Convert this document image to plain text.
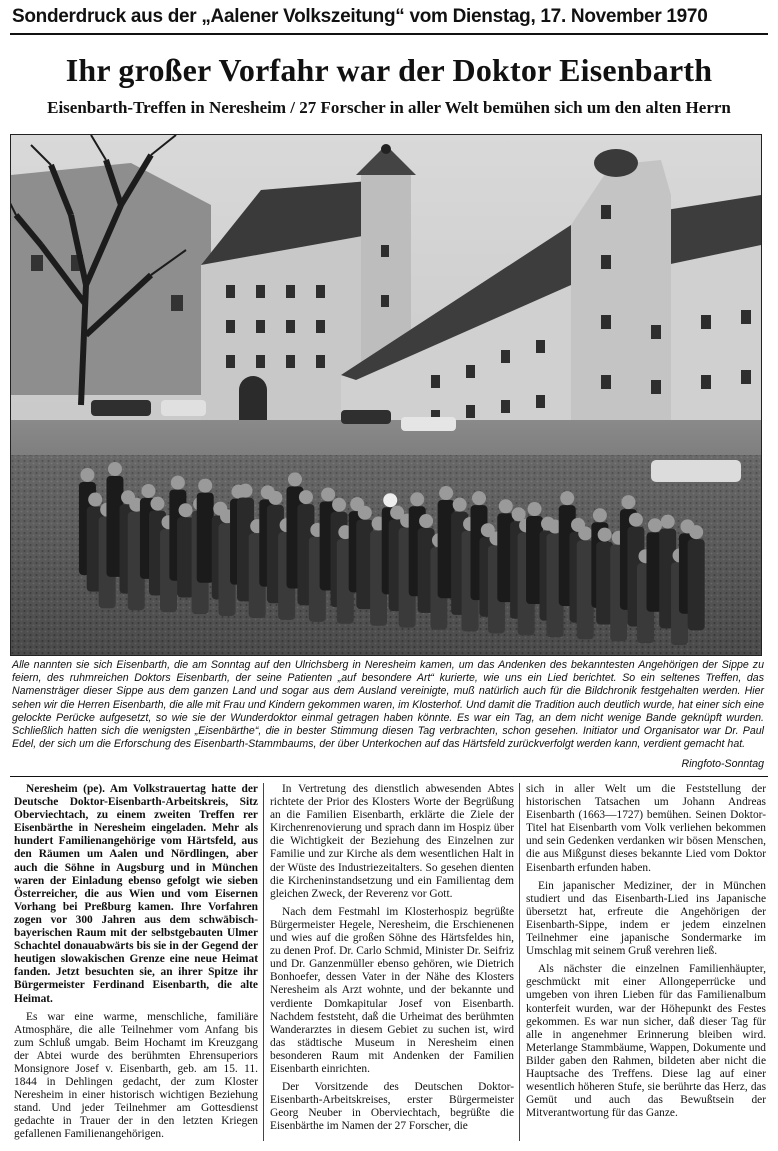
Sonderdruck aus der „Aalener Volkszeitung“ vom Dienstag, 17. November 1970
Ihr großer Vorfahr war der Doktor Eisenbarth
Eisenbarth-Treffen in Neresheim / 27 Forscher in aller Welt bemühen sich um den alten Herrn
Alle nannten sie sich Eisenbarth, die am Sonntag auf den Ulrichsberg in Neresheim kamen, um das Andenken des bekanntesten Angehörigen der Sippe zu feiern, des ruhmreichen Doktors Eisenbarth, der seine Patienten „auf besondere Art“ kurierte, wie uns ein Lied berichtet. So ein seltenes Treffen, das Namensträger dieser Sippe aus dem ganzen Land und sogar aus dem Ausland vereinigte, muß natürlich auch für die Bildchronik festgehalten werden. Hier sehen wir die Herren Eisenbarth, die alle mit Frau und Kindern gekommen waren, im Klosterhof. Und damit die Tradition auch deutlich wurde, hat einer sich eine gelockte Perücke aufgesetzt, so wie sie der Wunderdoktor einmal getragen haben könnte. Es war ein Tag, an dem nicht wenige Bande geknüpft wurden. Schließlich hatten sich die wenigsten „Eisenbärthe“, die in bester Stimmung diesen Tag verbrachten, schon gesehen. Initiator und Organisator war Dr. Paul Edel, der sich um die Erforschung des Eisenbarth-Stammbaums, der über Unterkochen auf das Härtsfeld zurückverfolgt werden kann, verdient gemacht hat.
Ringfoto-Sonntag

Neresheim (pe). Am Volkstrauertag hatte der Deutsche Doktor-Eisenbarth-Arbeitskreis, Sitz Oberviechtach, zu einem zweiten Treffen rer Eisenbärthe in Neresheim eingeladen. Mehr als hundert Familienangehörige vom Härtsfeld, aus den Räumen um Aalen und Nördlingen, aber auch die Söhne in Augsburg und in München waren der Einladung ebenso gefolgt wie sieben Österreicher, die aus Wien und vom Eisernen Vorhang bei Preßburg kamen. Ihre Vorfahren zogen vor 300 Jahren aus dem schwäbisch-bayerischen Raum mit der selbstgebauten Ulmer Schachtel donauabwärts bis sie in der Gegend der heutigen slowakischen Grenze eine neue Heimat fanden. Jetzt besuchten sie, an ihrer Spitze ihr Bürgermeister Ferdinand Eisenbarth, die alte Heimat.

Es war eine warme, menschliche, familiäre Atmosphäre, die alle Teilnehmer vom Anfang bis zum Schluß umgab. Beim Hochamt im Kreuzgang der Abtei wurde des berühmten Ehrensuperiors Monsignore Josef v. Eisenbarth, geb. am 15. 11. 1844 in Dehlingen gedacht, der zum Kloster Neresheim in einer historisch wichtigen Beziehung stand. Und jeder Teilnehmer am Gottesdienst gedachte in Trauer der in den letzten Kriegen gefallenen Familienangehörigen.

In Vertretung des dienstlich abwesenden Abtes richtete der Prior des Klosters Worte der Begrüßung an die Familien Eisenbarth, erklärte die Ziele der Kirchenrenovierung und sprach dann im Hospiz über die Wichtigkeit der Beziehung des Einzelnen zur Familie und zur Kirche als dem wesentlichen Halt in der Wüste des Industriezeitalters. So gesehen dienten die Kircheninstandsetzung und ein Familientag dem gleichen Zweck, der Reverenz vor Gott.

Nach dem Festmahl im Klosterhospiz begrüßte Bürgermeister Hegele, Neresheim, die Erschienenen und wies auf die großen Söhne des Härtsfeldes hin, zu denen Prof. Dr. Carlo Schmid, Minister Dr. Seifriz und Dr. Ganzenmüller ebenso gehören, wie Dietrich Bonhoefer, dessen Vater in der Nähe des Klosters Neresheim als Arzt wohnte, und der bekannte und verdiente Domkapitular Josef von Eisenbarth. Nachdem feststeht, daß die Urheimat des berühmten Wanderarztes in diesem Gebiet zu suchen ist, wird das städtische Museum in Neresheim einen besonderen Raum mit Andenken der Familien Eisenbarth einrichten.

Der Vorsitzende des Deutschen Doktor-Eisenbarth-Arbeitskreises, erster Bürgermeister Georg Neuber in Oberviechtach, begrüßte die Eisenbärthe im Namen der 27 Forscher, die

sich in aller Welt um die Feststellung der historischen Tatsachen um Johann Andreas Eisenbarth (1663—1727) bemühen. Seinen Doktor-Titel hat Eisenbarth vom Volk verliehen bekommen und sein Gedenken verdanken wir bösen Menschen, die aus Mißgunst dieses bekannte Lied vom Doktor Eisenbarth erfunden haben.

Ein japanischer Mediziner, der in München studiert und das Eisenbarth-Lied ins Japanische übersetzt hat, erfreute die Angehörigen der Eisenbarth-Sippe, indem er jedem einzelnen Teilnehmer eine japanische Sondermarke im Umschlag mit seinem Gruß verehren ließ.

Als nächster die einzelnen Familienhäupter, geschmückt mit einer Allongeperrücke und umgeben von ihren Lieben für das Familienalbum konterfeit wurden, war der Höhepunkt des Festes gekommen. Es war nun sicher, daß dieser Tag für alle in angenehmer Erinnerung bleiben wird. Meterlange Stammbäume, Wappen, Dokumente und Bilder gaben den Rahmen, bildeten aber nicht die Hauptsache des Treffens. Diese lag auf einer wesentlich höheren Stufe, sie berührte das Herz, das Gemüt und auch das Bewußtsein der Mitverantwortung für das Ganze.
